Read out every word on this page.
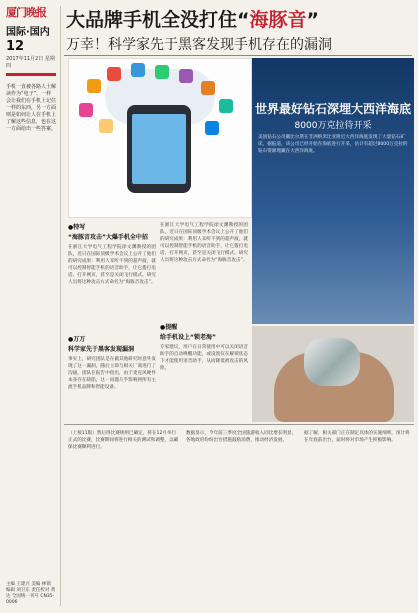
厦门晚报
国际·国内
12
2017年11月2日 星期四
手机一直被各路人士解读作为“电子”，一样会让我们在手机上记住一样的东西，另一方面则是如何让人在手机上了解这些信息，也在这一方面给出一些答案。
主编 王建兴 美编 林锦 编辑 刘卫东 责任校对 黄达 全国统一刊号 CN35-0006
大品牌手机全没打住“海豚音”
万幸！科学家先于黑客发现手机存在的漏洞
世界最好钻石深埋大西洋海底
8000万克拉待开采
美国钻石公司戴比尔斯在非洲纳米比亚附近大西洋海底发现了大量钻石矿床，据报道，该公司已经开始在海底进行开采，估计有超过8000万克拉的钻石资源埋藏在大西洋海底。
●特写
“海豚音攻击”大爆手机全中招
在浙江大学电气工程学院徐文渊教授的团队，近日在国际顶级学术会议上公开了他们的研究成果：利用人耳听不到的超声波，就可以控制智能手机的语音助手，让它拨打电话、打开网页，甚至是关闭飞行模式。研究人员将这种攻击方式命名为“海豚音攻击”。
●万万
科学家先于黑客发现漏洞
事实上，研究团队是在做其他研究时意外发现了这一漏洞，随后立即与相关厂商进行了沟通。团队在报告中指出，由于麦克风硬件本身存在缺陷，这一问题几乎影响到所有主流手机品牌和智能设备。
在浙江大学电气工程学院徐文渊教授的团队，近日在国际顶级学术会议上公开了他们的研究成果：利用人耳听不到的超声波，就可以控制智能手机的语音助手，让它拨打电话、打开网页，甚至是关闭飞行模式。研究人员将这种攻击方式命名为“海豚音攻击”。
●提醒
给手机设上“锁老海”
专家建议，用户在日常使用中可以关闭语音助手的自动唤醒功能，或设置仅在解锁状态下才能使用语音助手，从而降低被攻击的风险。
（上接11版）然后得比赛规则已确定，将在12月举行正式的比赛，比赛期间将进行相关的测试和调整，以确保比赛顺利进行。
数据显示，今年前三季度全国旅游收入同比增长明显，各地政府纷纷出台措施鼓励消费，推动经济发展。
据了解，相关部门正在制定具体的实施细则，预计将在年底前出台，届时将对市场产生积极影响。
